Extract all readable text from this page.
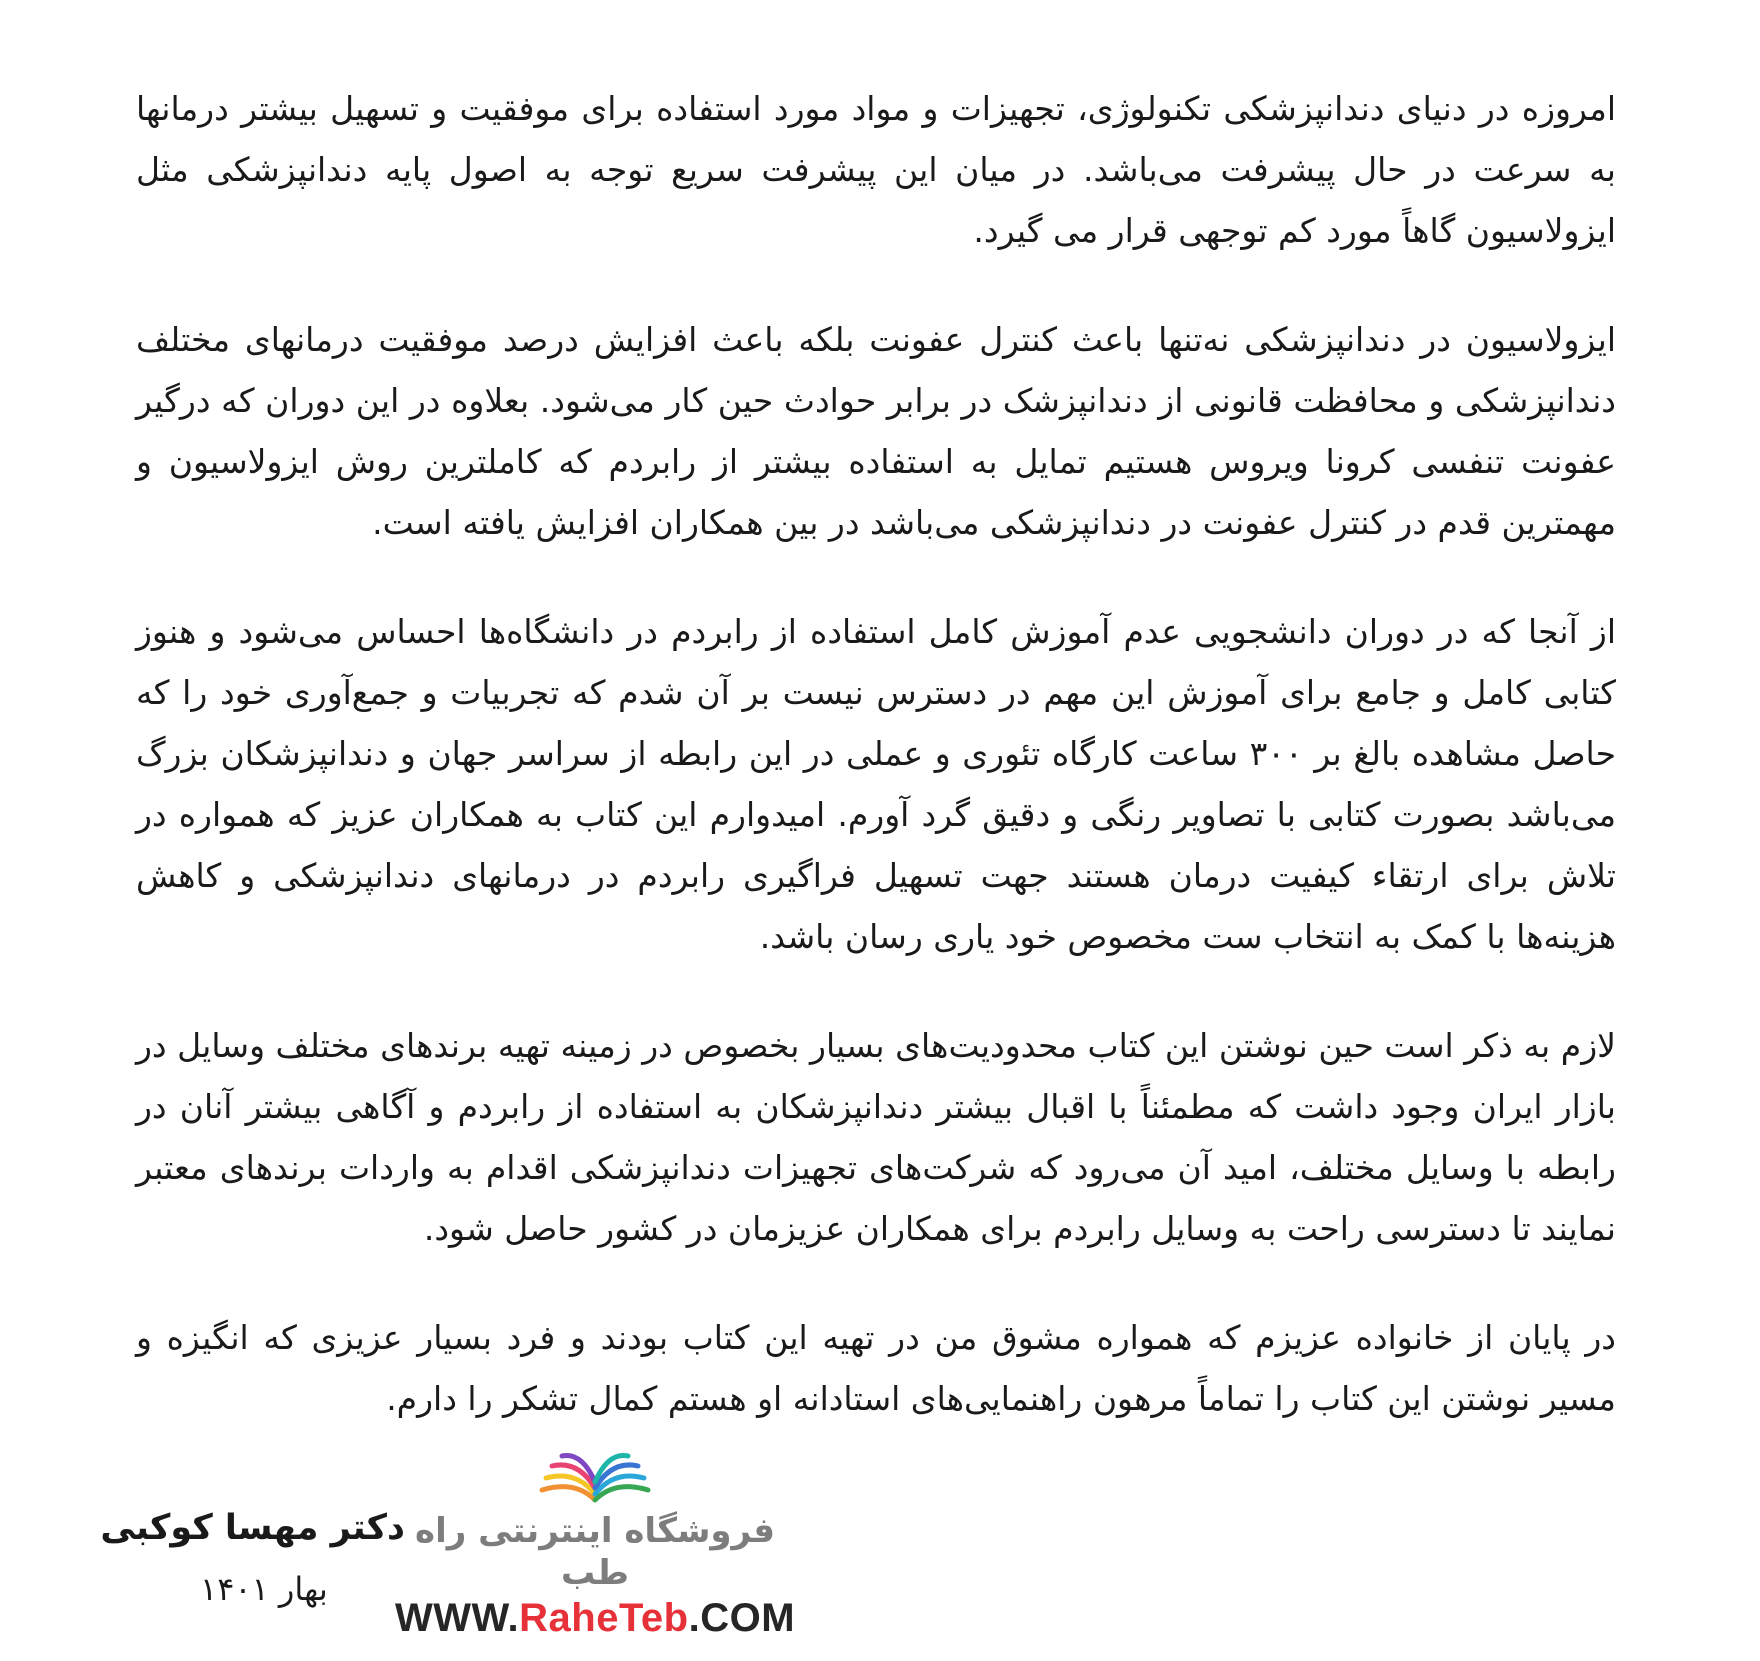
امروزه در دنیای دندانپزشکی تکنولوژی، تجهیزات و مواد مورد استفاده برای موفقیت و تسهیل بیشتر درمانها به سرعت در حال پیشرفت می‌باشد. در میان این پیشرفت سریع توجه به اصول پایه دندانپزشکی مثل ایزولاسیون گاهاً مورد کم توجهی قرار می گیرد.

ایزولاسیون در دندانپزشکی نه‌تنها باعث کنترل عفونت بلکه باعث افزایش درصد موفقیت درمانهای مختلف دندانپزشکی و محافظت قانونی از دندانپزشک در برابر حوادث حین کار می‌شود. بعلاوه در این دوران که درگیر عفونت تنفسی کرونا ویروس هستیم تمایل به استفاده بیشتر از رابردم که کاملترین روش ایزولاسیون و مهمترین قدم در کنترل عفونت در دندانپزشکی می‌باشد در بین همکاران افزایش یافته است.

از آنجا که در دوران دانشجویی عدم آموزش کامل استفاده از رابردم در دانشگاه‌ها احساس می‌شود و هنوز کتابی کامل و جامع برای آموزش این مهم در دسترس نیست بر آن شدم که تجربیات و جمع‌آوری خود را که حاصل مشاهده بالغ بر ۳۰۰ ساعت کارگاه تئوری و عملی در این رابطه از سراسر جهان و دندانپزشکان بزرگ می‌باشد بصورت کتابی با تصاویر رنگی و دقیق گرد آورم. امیدوارم این کتاب به همکاران عزیز که همواره در تلاش برای ارتقاء کیفیت درمان هستند جهت تسهیل فراگیری رابردم در درمانهای دندانپزشکی و کاهش هزینه‌ها با کمک به انتخاب ست مخصوص خود یاری رسان باشد.

لازم به ذکر است حین نوشتن این کتاب محدودیت‌های بسیار بخصوص در زمینه تهیه برندهای مختلف وسایل در بازار ایران وجود داشت که مطمئناً با اقبال بیشتر دندانپزشکان به استفاده از رابردم و آگاهی بیشتر آنان در رابطه با وسایل مختلف، امید آن می‌رود که شرکت‌های تجهیزات دندانپزشکی اقدام به واردات برندهای معتبر نمایند تا دسترسی راحت به وسایل رابردم برای همکاران عزیزمان در کشور حاصل شود.

در پایان از خانواده عزیزم که همواره مشوق من در تهیه این کتاب بودند و فرد بسیار عزیزی که انگیزه و مسیر نوشتن این کتاب را تماماً مرهون راهنمایی‌های استادانه او هستم کمال تشکر را دارم.

فروشگاه اینترنتی راه طب
WWW.RaheTeb.COM
دکتر مهسا کوکبی
بهار ۱۴۰۱
